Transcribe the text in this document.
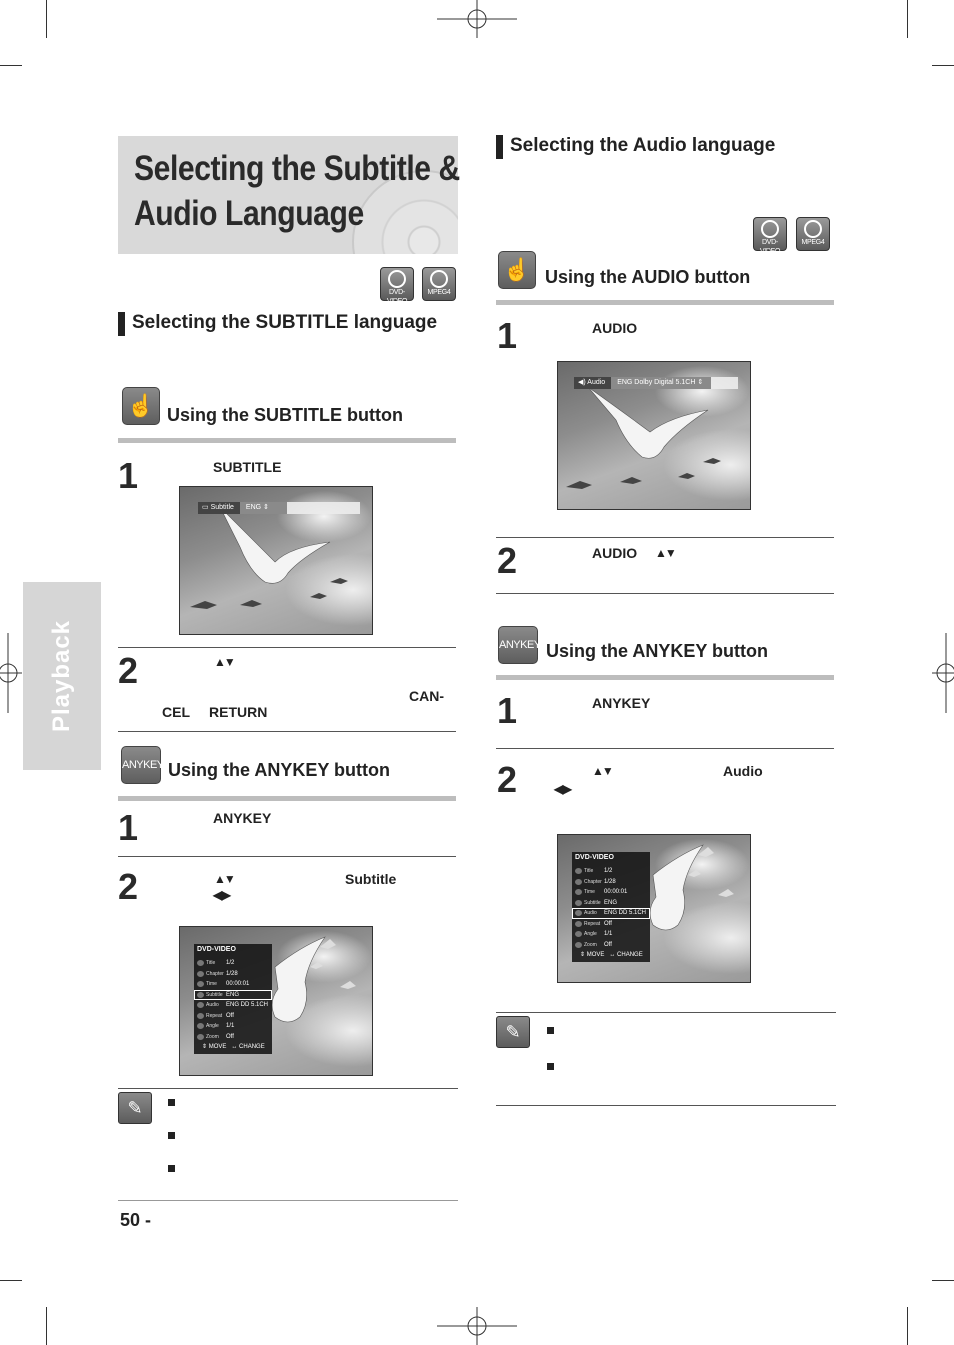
Playback
Selecting the Subtitle &
Audio Language
DVD-VIDEO
MPEG4
Selecting the SUBTITLE language
☝ Using the SUBTITLE button
1	SUBTITLE
▭ Subtitle ENG ⇕
2	▲▼
CAN-
CEL RETURN
ANYKEY Using the ANYKEY button
1	ANYKEY
2	▲▼
◀ ▶
Subtitle
DVD-VIDEO
Title	1/2
Chapter 1/28
Time	00:00:01
Subtitle ENG
Audio	ENG DD 5.1CH
Repeat Off
Angle	1/1
Zoom	Off
⇕ MOVE   ↔ CHANGE
✎
50 -
Selecting the Audio language
DVD-VIDEO
MPEG4
☝ Using the AUDIO button
1	AUDIO
◀) Audio ENG Dolby Digital 5.1CH ⇕
2	AUDIO ▲▼
ANYKEY Using the ANYKEY button
1	ANYKEY
2	▲▼
◀ ▶
Audio
DVD-VIDEO
Title	1/2
Chapter 1/28
Time	00:00:01
Subtitle ENG
Audio	ENG DD 5.1CH
Repeat Off
Angle	1/1
Zoom	Off
⇕ MOVE   ↔ CHANGE
✎
